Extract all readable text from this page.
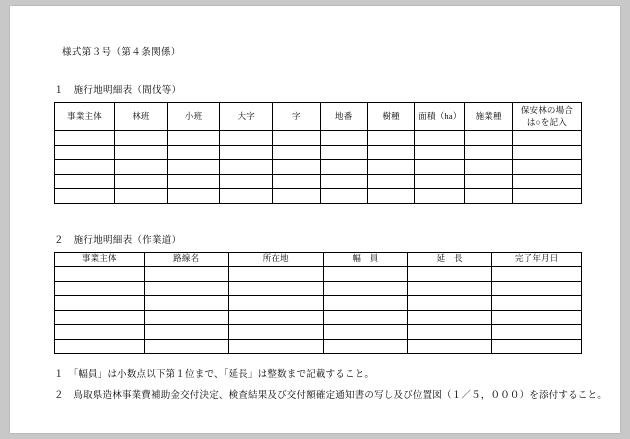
様式第３号（第４条関係）
１　施行地明細表（間伐等）
事業主体	林班	小班	大字	字	地番	樹種	面積（ha）	施業種	保安林の場合
は○を記入

２　施行地明細表（作業道）
事業主体	路線名	所在地	幅　員	延　長	完了年月日

１　「幅員」は小数点以下第１位まで、「延長」は整数まで記載すること。
２　鳥取県造林事業費補助金交付決定、検査結果及び交付額確定通知書の写し及び位置図（１／５，０００）を添付すること。
